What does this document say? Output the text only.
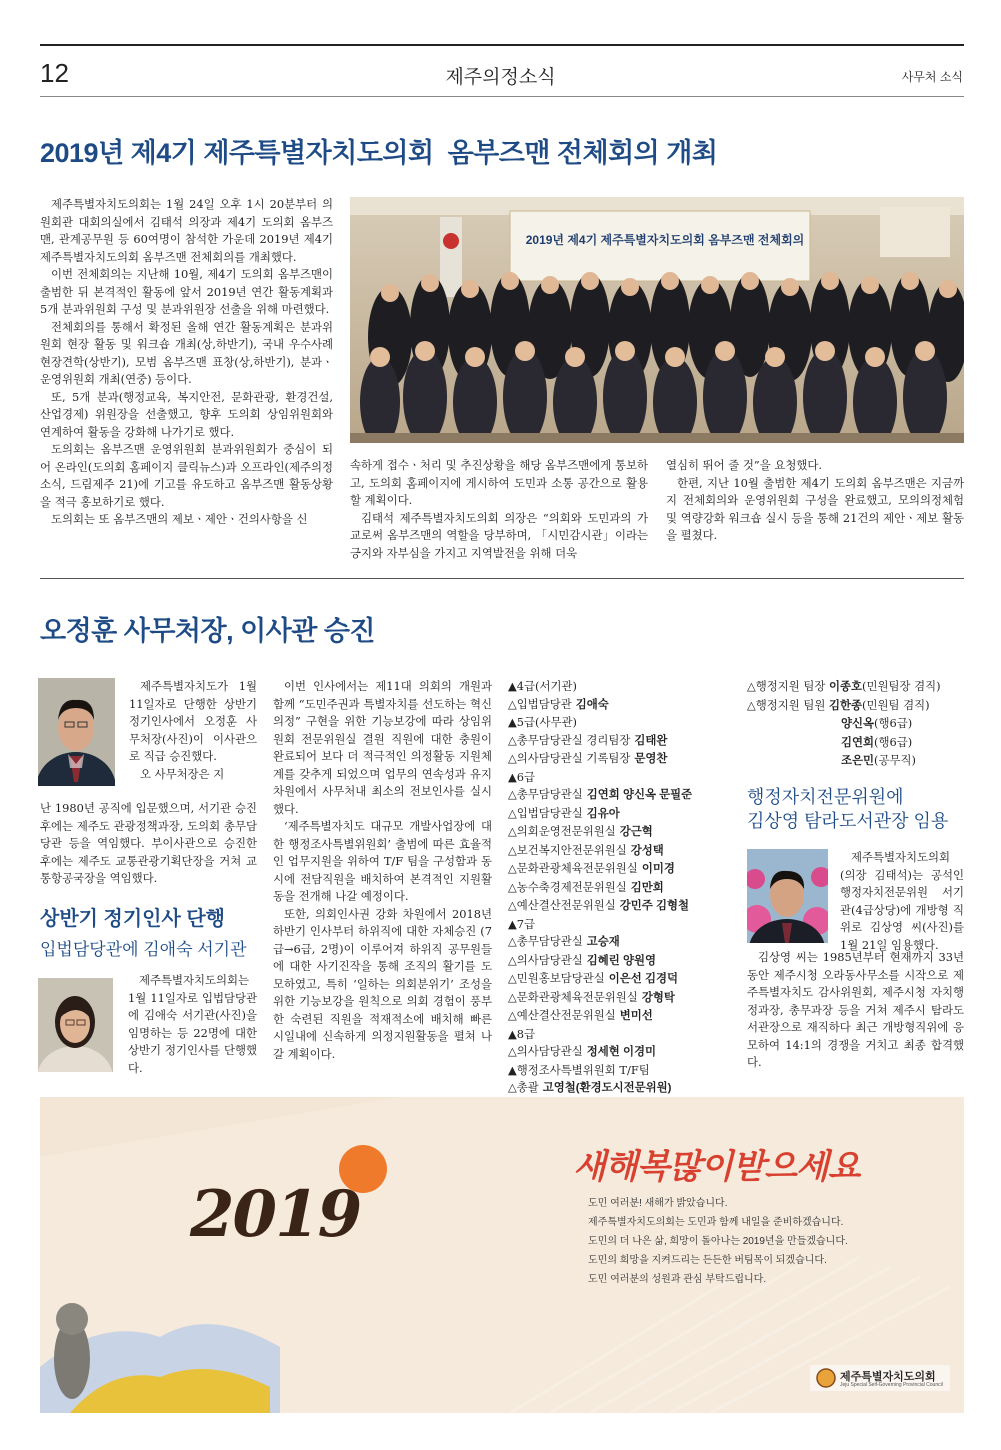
12	제주의정소식	사무처 소식
2019년 제4기 제주특별자치도의회 옴부즈맨 전체회의 개최

제주특별자치도의회는 1월 24일 오후 1시 20분부터 의원회관 대회의실에서 김태석 의장과 제4기 도의회 옴부즈맨, 관계공무원 등 60여명이 참석한 가운데 2019년 제4기 제주특별자치도의회 옴부즈맨 전체회의를 개최했다.

이번 전체회의는 지난해 10월, 제4기 도의회 옴부즈맨이 출범한 뒤 본격적인 활동에 앞서 2019년 연간 활동계획과 5개 분과위원회 구성 및 분과위원장 선출을 위해 마련했다.

전체회의를 통해서 확정된 올해 연간 활동계획은 분과위원회 현장 활동 및 워크숍 개최(상,하반기), 국내 우수사례 현장견학(상반기), 모범 옴부즈맨 표창(상,하반기), 분과ㆍ운영위원회 개최(연중) 등이다.

또, 5개 분과(행정교육, 복지안전, 문화관광, 환경건설, 산업경제) 위원장을 선출했고, 향후 도의회 상임위원회와 연계하여 활동을 강화해 나가기로 했다.

도의회는 옴부즈맨 운영위원회 분과위원회가 중심이 되어 온라인(도의회 홈페이지 클릭뉴스)과 오프라인(제주의정소식, 드림제주 21)에 기고를 유도하고 옴부즈맨 활동상황을 적극 홍보하기로 했다.

도의회는 또 옴부즈맨의 제보ㆍ제안ㆍ건의사항을 신

2019년 제4기 제주특별자치도의회 옴부즈맨 전체회의

속하게 접수ㆍ처리 및 추진상황을 해당 옴부즈맨에게 통보하고, 도의회 홈페이지에 게시하여 도민과 소통 공간으로 활용할 계획이다.

김태석 제주특별자치도의회 의장은 “의회와 도민과의 가교로써 옴부즈맨의 역할을 당부하며, 「시민감시관」이라는 긍지와 자부심을 가지고 지역발전을 위해 더욱

열심히 뛰어 줄 것”을 요청했다.

한편, 지난 10월 출범한 제4기 도의회 옴부즈맨은 지금까지 전체회의와 운영위원회 구성을 완료했고, 모의의정체험 및 역량강화 워크숍 실시 등을 통해 21건의 제안ㆍ제보 활동을 펼쳤다.

오정훈 사무처장, 이사관 승진

제주특별자치도가 1월 11일자로 단행한 상반기 정기인사에서 오정훈 사무처장(사진)이 이사관으로 직급 승진했다.

오 사무처장은 지

난 1980년 공직에 입문했으며, 서기관 승진 후에는 제주도 관광정책과장, 도의회 총무담당관 등을 역임했다. 부이사관으로 승진한 후에는 제주도 교통관광기획단장을 거쳐 교통항공국장을 역임했다.

상반기 정기인사 단행
입법담당관에 김애숙 서기관

제주특별자치도의회는 1월 11일자로 입법담당관에 김애숙 서기관(사진)을 임명하는 등 22명에 대한 상반기 정기인사를 단행했다.

이번 인사에서는 제11대 의회의 개원과 함께 “도민주권과 특별자치를 선도하는 혁신의정” 구현을 위한 기능보강에 따라 상임위원회 전문위원실 결원 직원에 대한 충원이 완료되어 보다 더 적극적인 의정활동 지원체계를 갖추게 되었으며 업무의 연속성과 유지 차원에서 사무처내 최소의 전보인사를 실시했다.

‘제주특별자치도 대규모 개발사업장에 대한 행정조사특별위원회’ 출범에 따른 효율적인 업무지원을 위하여 T/F 팀을 구성함과 동시에 전담직원을 배치하여 본격적인 지원활동을 전개해 나갈 예정이다.

또한, 의회인사권 강화 차원에서 2018년 하반기 인사부터 하위직에 대한 자체승진 (7급→6급, 2명)이 이루어져 하위직 공무원들에 대한 사기진작을 통해 조직의 활기를 도모하였고, 특히 ‘일하는 의회분위기’ 조성을 위한 기능보강을 원칙으로 의회 경험이 풍부한 숙련된 직원을 적재적소에 배치해 빠른 시일내에 신속하게 의정지원활동을 펼쳐 나갈 계획이다.

▲4급(서기관)
△입법담당관 김애숙
▲5급(사무관)
△총무담당관실 경리팀장 김태완
△의사담당관실 기록팀장 문영찬
▲6급
△총무담당관실 김연희 양신옥 문필준
△입법담당관실 김유아
△의회운영전문위원실 강근혁
△보건복지안전문위원실 강성택
△문화관광체육전문위원실 이미경
△농수축경제전문위원실 김만희
△예산결산전문위원실 강민주 김형철
▲7급
△총무담당관실 고승재
△의사담당관실 김혜린 양원영
△민원홍보담당관실 이은선 김경덕
△문화관광체육전문위원실 강형탁
△예산결산전문위원실 변미선
▲8급
△의사담당관실 정세현 이경미
▲행정조사특별위원회 T/F팀
△총괄 고영철(환경도시전문위원)
△행정지원 팀장 이종호(민원팀장 겸직)
△행정지원 팀원 김한종(민원팀 겸직)
양신옥(행6급)
김연희(행6급)
조은민(공무직)
행정자치전문위원에
김상영 탐라도서관장 임용

제주특별자치도의회(의장 김태석)는 공석인 행정자치전문위원 서기관(4급상당)에 개방형 직위로 김상영 씨(사진)를 1월 21일 임용했다.

김상영 씨는 1985년부터 현재까지 33년 동안 제주시청 오라동사무소를 시작으로 제주특별자치도 감사위원회, 제주시청 자치행정과장, 총무과장 등을 거쳐 제주시 탐라도서관장으로 재직하다 최근 개방형직위에 응모하여 14:1의 경쟁을 거치고 최종 합격했다.

2019
새해복많이받으세요
도민 여러분! 새해가 밝았습니다.
제주특별자치도의회는 도민과 함께 내일을 준비하겠습니다.
도민의 더 나은 삶, 희망이 돌아나는 2019년을 만들겠습니다.
도민의 희망을 지켜드리는 든든한 버팀목이 되겠습니다.
도민 여러분의 성원과 관심 부탁드립니다.
제주특별자치도의회
Jeju Special Self-Governing Provincial Council
